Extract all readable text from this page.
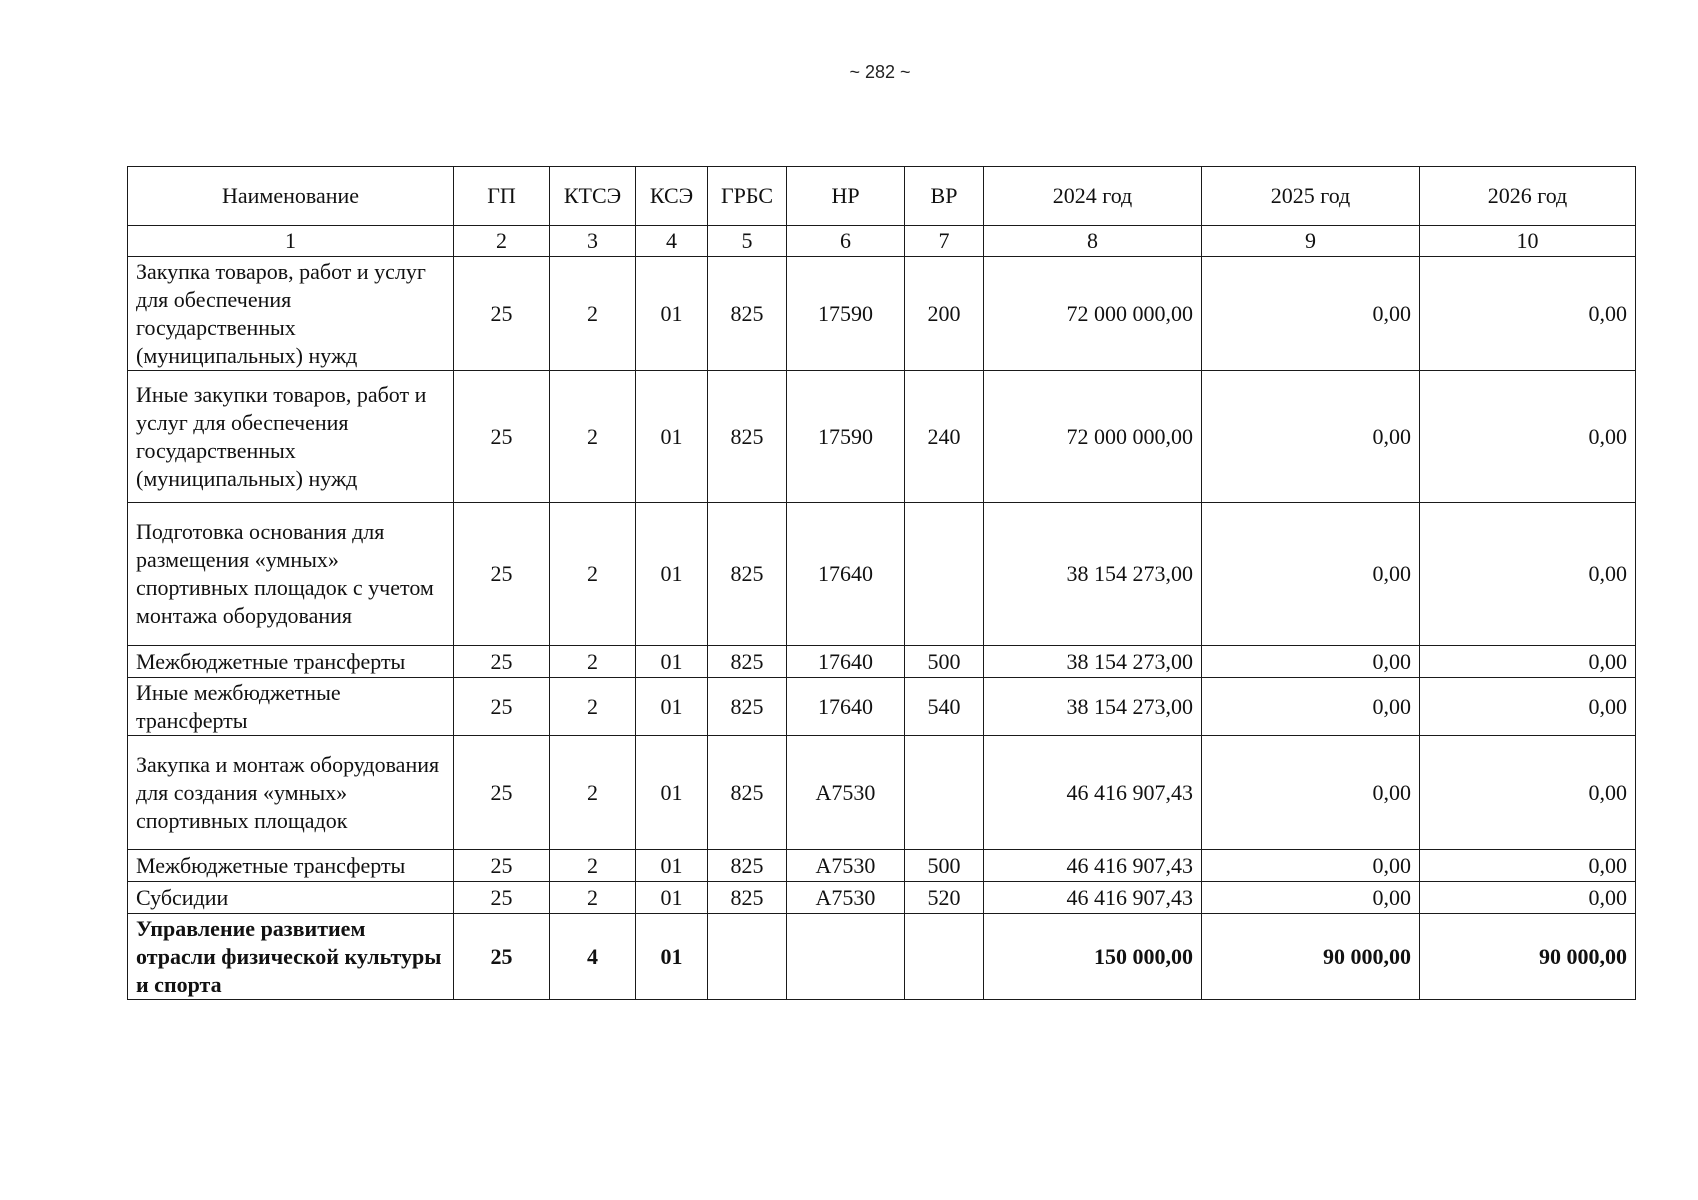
~ 282 ~
Наименование	ГП	КТСЭ	КСЭ	ГРБС	НР	ВР	2024 год	2025 год	2026 год
1	2	3	4	5	6	7	8	9	10
Закупка товаров, работ и услуг для обеспечения государственных (муниципальных) нужд	25	2	01	825	17590	200	72 000 000,00	0,00	0,00
Иные закупки товаров, работ и услуг для обеспечения государственных (муниципальных) нужд	25	2	01	825	17590	240	72 000 000,00	0,00	0,00
Подготовка основания для размещения «умных» спортивных площадок с учетом монтажа оборудования	25	2	01	825	17640		38 154 273,00	0,00	0,00
Межбюджетные трансферты	25	2	01	825	17640	500	38 154 273,00	0,00	0,00
Иные межбюджетные трансферты	25	2	01	825	17640	540	38 154 273,00	0,00	0,00
Закупка и монтаж оборудования для создания «умных» спортивных площадок	25	2	01	825	А7530		46 416 907,43	0,00	0,00
Межбюджетные трансферты	25	2	01	825	А7530	500	46 416 907,43	0,00	0,00
Субсидии	25	2	01	825	А7530	520	46 416 907,43	0,00	0,00
Управление развитием отрасли физической культуры и спорта	25	4	01				150 000,00	90 000,00	90 000,00
